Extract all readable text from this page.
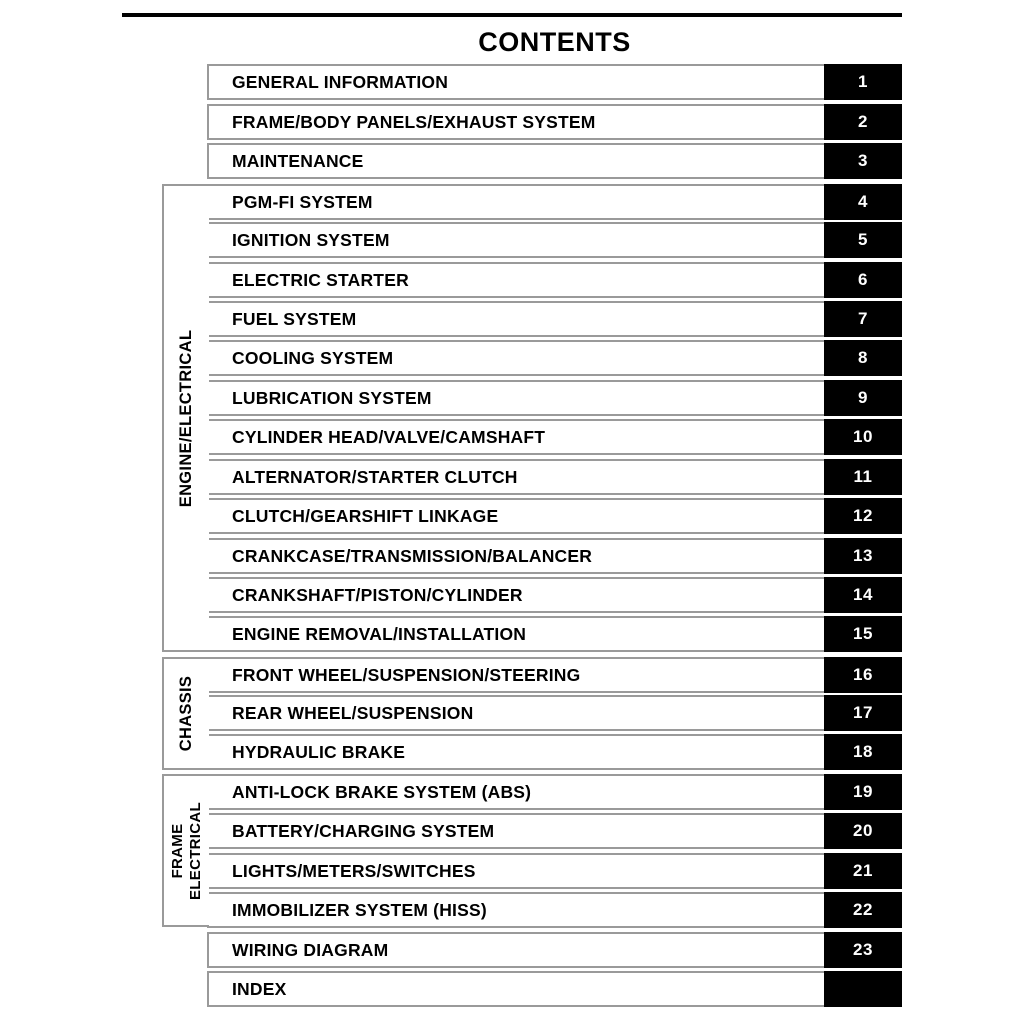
CONTENTS
GENERAL INFORMATION	1
FRAME/BODY PANELS/EXHAUST SYSTEM	2
MAINTENANCE	3
PGM-FI SYSTEM	4
IGNITION SYSTEM	5
ELECTRIC STARTER	6
FUEL SYSTEM	7
COOLING SYSTEM	8
LUBRICATION SYSTEM	9
CYLINDER HEAD/VALVE/CAMSHAFT	10
ALTERNATOR/STARTER CLUTCH	11
CLUTCH/GEARSHIFT LINKAGE	12
CRANKCASE/TRANSMISSION/BALANCER	13
CRANKSHAFT/PISTON/CYLINDER	14
ENGINE REMOVAL/INSTALLATION	15
FRONT WHEEL/SUSPENSION/STEERING	16
REAR WHEEL/SUSPENSION	17
HYDRAULIC BRAKE	18
ANTI-LOCK BRAKE SYSTEM (ABS)	19
BATTERY/CHARGING SYSTEM	20
LIGHTS/METERS/SWITCHES	21
IMMOBILIZER SYSTEM (HISS)	22
WIRING DIAGRAM	23
INDEX
ENGINE/ELECTRICAL
CHASSIS
FRAME ELECTRICAL
